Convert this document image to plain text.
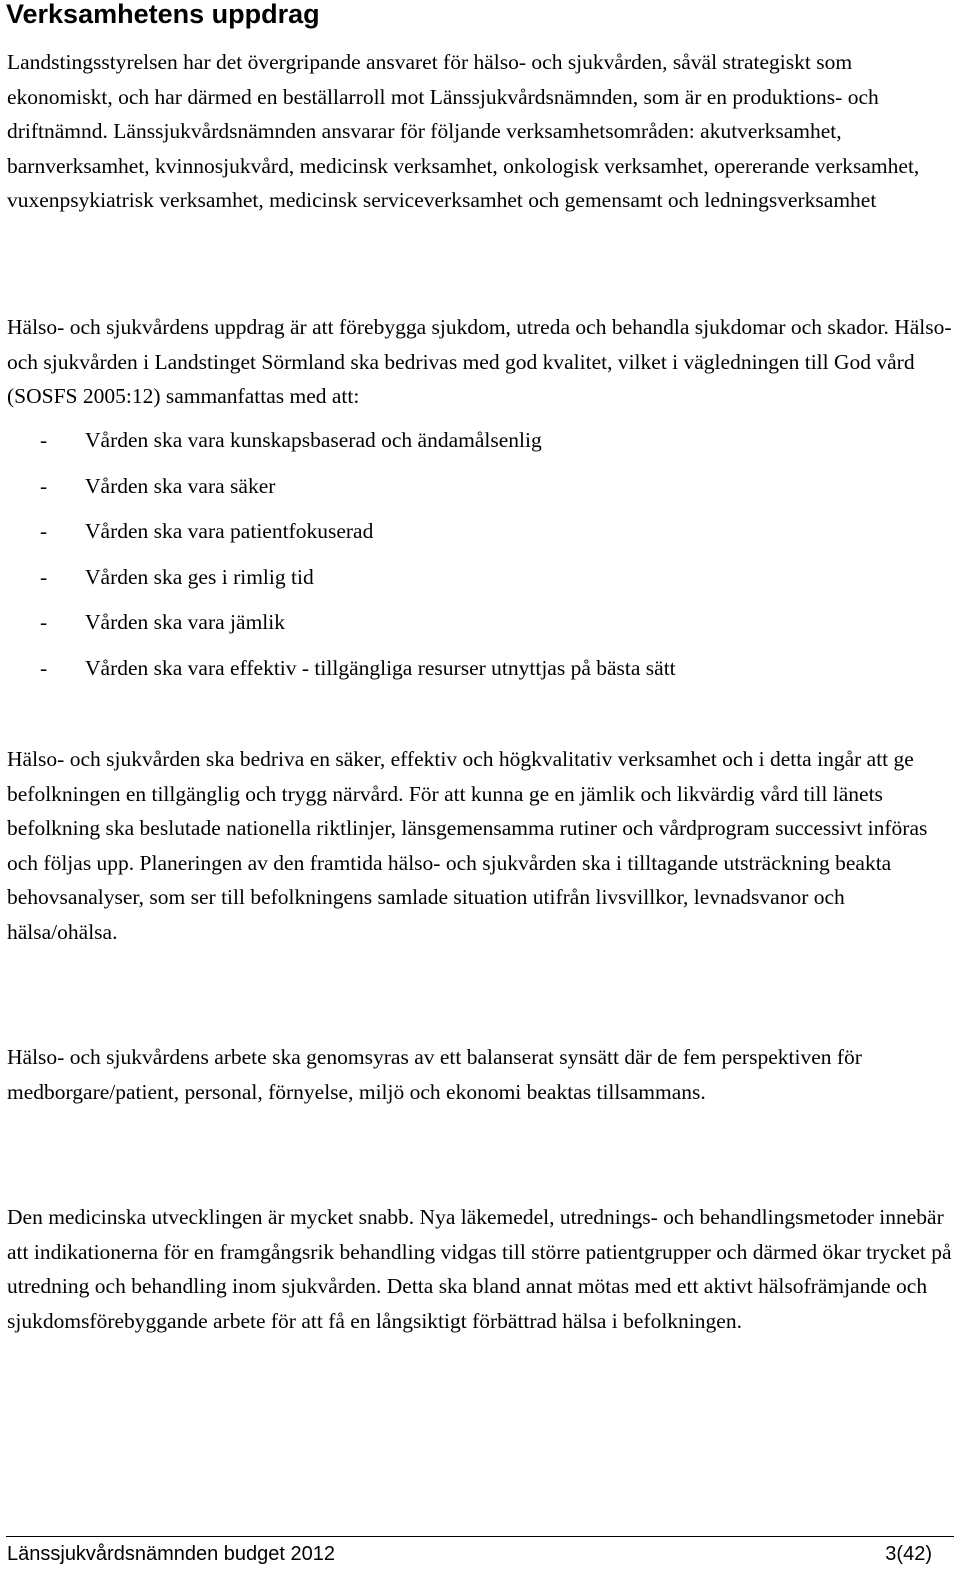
Verksamhetens uppdrag

Landstingsstyrelsen har det övergripande ansvaret för hälso- och sjukvården, såväl strategiskt som ekonomiskt, och har därmed en beställarroll mot Länssjukvårdsnämnden, som är en produktions- och driftnämnd. Länssjukvårdsnämnden ansvarar för följande verksamhetsområden: akutverksamhet, barnverksamhet, kvinnosjukvård, medicinsk verksamhet, onkologisk verksamhet, opererande verksamhet, vuxenpsykiatrisk verksamhet, medicinsk serviceverksamhet och gemensamt och ledningsverksamhet

Hälso- och sjukvårdens uppdrag är att förebygga sjukdom, utreda och behandla sjukdomar och skador. Hälso- och sjukvården i Landstinget Sörmland ska bedrivas med god kvalitet, vilket i vägledningen till God vård (SOSFS 2005:12) sammanfattas med att:

- Vården ska vara kunskapsbaserad och ändamålsenlig
- Vården ska vara säker
- Vården ska vara patientfokuserad
- Vården ska ges i rimlig tid
- Vården ska vara jämlik
- Vården ska vara effektiv - tillgängliga resurser utnyttjas på bästa sätt

Hälso- och sjukvården ska bedriva en säker, effektiv och högkvalitativ verksamhet och i detta ingår att ge befolkningen en tillgänglig och trygg närvård. För att kunna ge en jämlik och likvärdig vård till länets befolkning ska beslutade nationella riktlinjer, länsgemensamma rutiner och vårdprogram successivt införas och följas upp. Planeringen av den framtida hälso- och sjukvården ska i tilltagande utsträckning beakta behovsanalyser, som ser till befolkningens samlade situation utifrån livsvillkor, levnadsvanor och hälsa/ohälsa.

Hälso- och sjukvårdens arbete ska genomsyras av ett balanserat synsätt där de fem perspektiven för medborgare/patient, personal, förnyelse, miljö och ekonomi beaktas tillsammans.

Den medicinska utvecklingen är mycket snabb. Nya läkemedel, utrednings- och behandlingsmetoder innebär att indikationerna för en framgångsrik behandling vidgas till större patientgrupper och därmed ökar trycket på utredning och behandling inom sjukvården. Detta ska bland annat mötas med ett aktivt hälsofrämjande och sjukdomsförebyggande arbete för att få en långsiktigt förbättrad hälsa i befolkningen.

Länssjukvårdsnämnden budget 2012	3(42)
